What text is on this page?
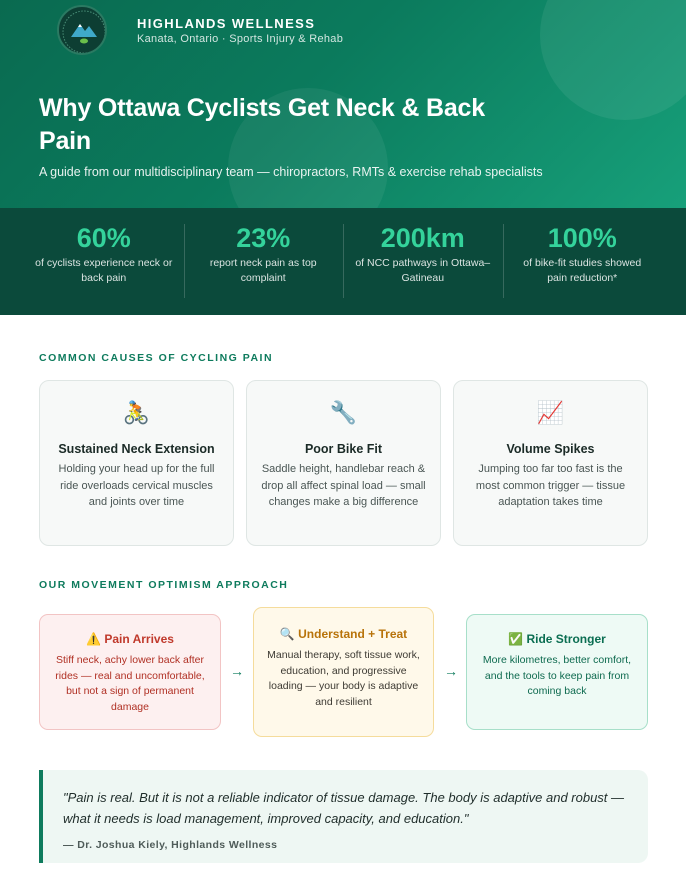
HIGHLANDS WELLNESS
Kanata, Ontario · Sports Injury & Rehab
Why Ottawa Cyclists Get Neck & Back Pain
A guide from our multidisciplinary team — chiropractors, RMTs & exercise rehab specialists
60%
of cyclists experience neck or back pain
23%
report neck pain as top complaint
200km
of NCC pathways in Ottawa–Gatineau
100%
of bike-fit studies showed pain reduction*
COMMON CAUSES OF CYCLING PAIN
🚴
Sustained Neck Extension
Holding your head up for the full ride overloads cervical muscles and joints over time
🔧
Poor Bike Fit
Saddle height, handlebar reach & drop all affect spinal load — small changes make a big difference
📈
Volume Spikes
Jumping too far too fast is the most common trigger — tissue adaptation takes time
OUR MOVEMENT OPTIMISM APPROACH
⚠️ Pain Arrives
Stiff neck, achy lower back after rides — real and uncomfortable, but not a sign of permanent damage
→
🔍 Understand + Treat
Manual therapy, soft tissue work, education, and progressive loading — your body is adaptive and resilient
→
✅ Ride Stronger
More kilometres, better comfort, and the tools to keep pain from coming back
"Pain is real. But it is not a reliable indicator of tissue damage. The body is adaptive and robust — what it needs is load management, improved capacity, and education."
— Dr. Joshua Kiely, Highlands Wellness
